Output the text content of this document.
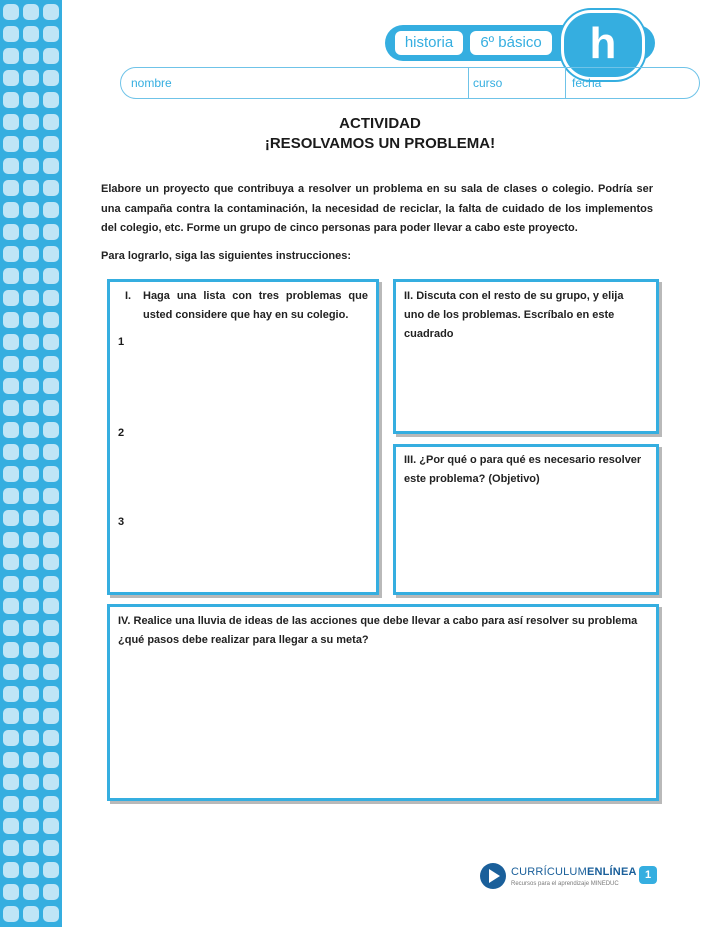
historia	6º básico	h
nombre	curso	fecha
ACTIVIDAD
¡RESOLVAMOS UN PROBLEMA!
Elabore un proyecto que contribuya a resolver un problema en su sala de clases o colegio. Podría ser una campaña contra la contaminación, la necesidad de reciclar, la falta de cuidado de los implementos del colegio, etc. Forme un grupo de cinco personas para poder llevar a cabo este proyecto.
Para lograrlo, siga las siguientes instrucciones:
I.	Haga una lista con tres problemas que usted considere que hay en su colegio.
1
2
3
II. Discuta con el resto de su grupo, y elija uno de los problemas. Escríbalo en este cuadrado
III. ¿Por qué o para qué es necesario resolver este problema? (Objetivo)
IV. Realice una lluvia de ideas de las acciones que debe llevar a cabo para así resolver su problema ¿qué pasos debe realizar para llegar a su meta?
CURRÍCULUMENLÍNEA
Recursos para el aprendizaje MINEDUC
1
